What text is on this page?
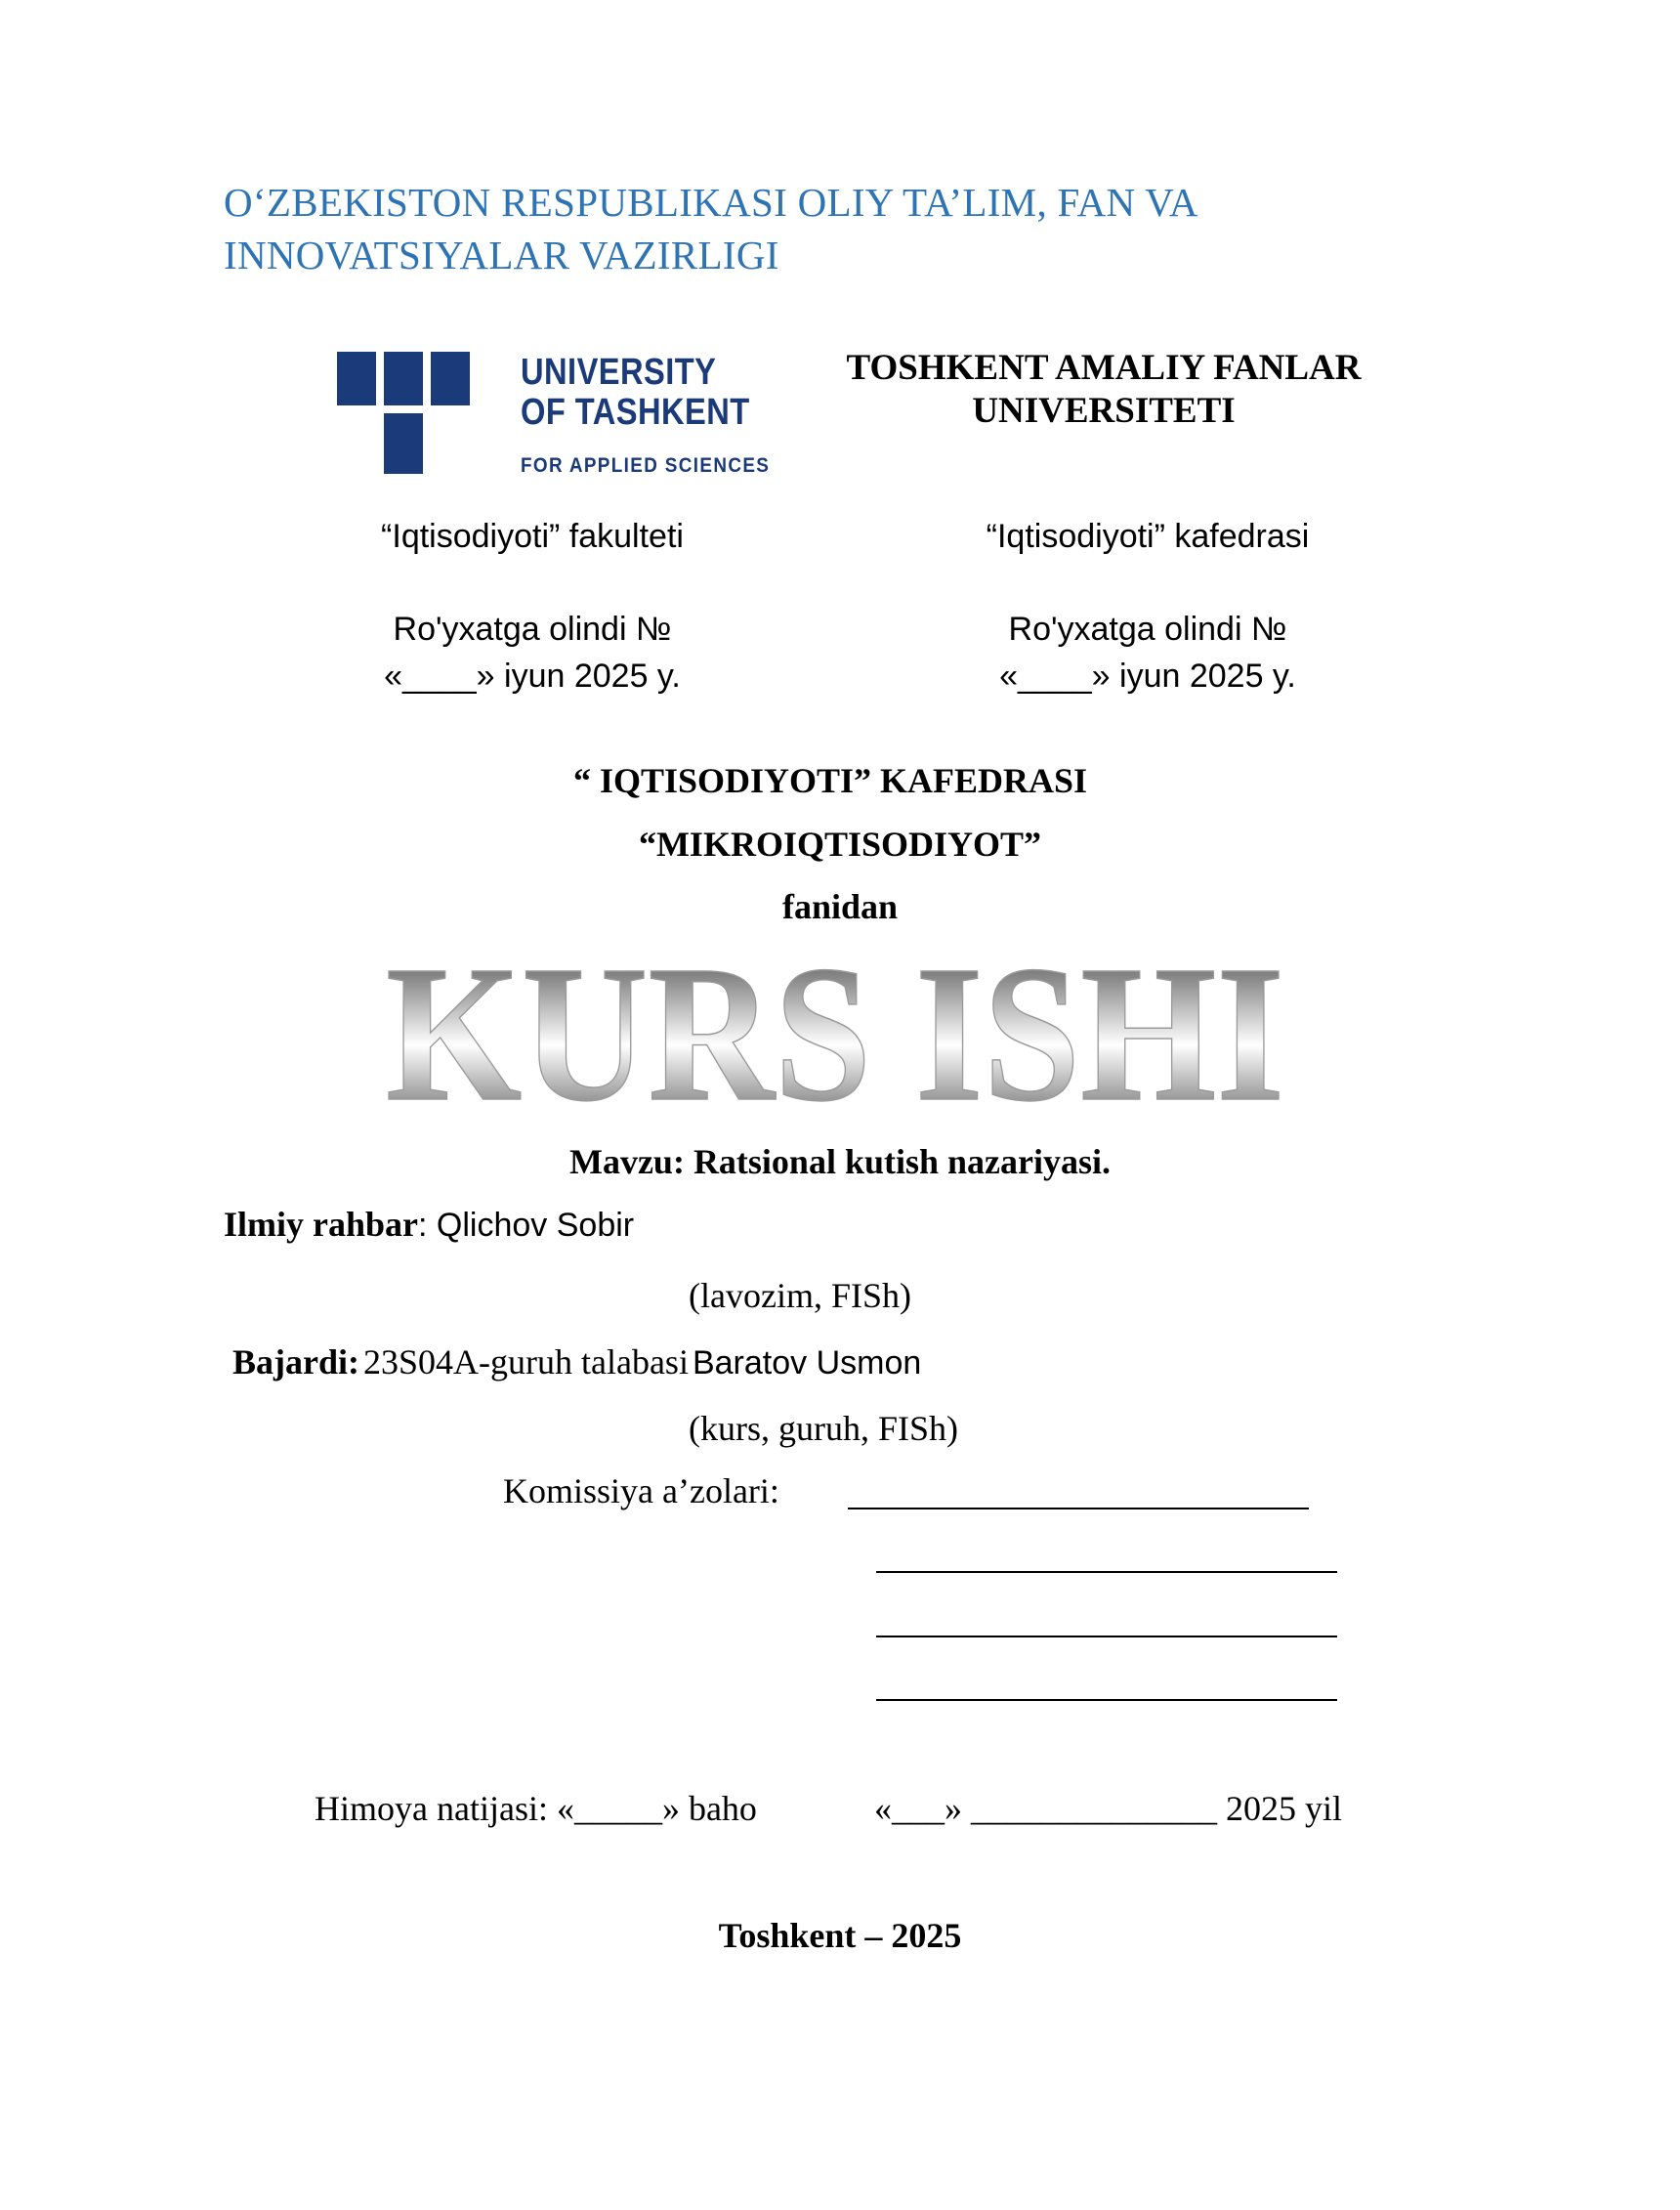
O‘ZBEKISTON RESPUBLIKASI OLIY TA’LIM, FAN VA
INNOVATSIYALAR VAZIRLIGI
UNIVERSITY
OF TASHKENT
FOR APPLIED SCIENCES
TOSHKENT AMALIY FANLAR
UNIVERSITETI
“Iqtisodiyoti” fakulteti
Ro'yxatga olindi №
«____» iyun 2025 y.
“Iqtisodiyoti” kafedrasi
Ro'yxatga olindi №
«____» iyun 2025 y.
“ IQTISODIYOTI” KAFEDRASI
“MIKROIQTISODIYOT”
fanidan
KURS ISHI
Mavzu: Ratsional kutish nazariyasi.
Ilmiy rahbar: Qlichov Sobir
(lavozim, FISh)
Bajardi: 23S04A-guruh talabasi Baratov Usmon
(kurs, guruh, FISh)
Komissiya a’zolari:
Himoya natijasi: «_____» baho	«___» ______________ 2025 yil
Toshkent – 2025
